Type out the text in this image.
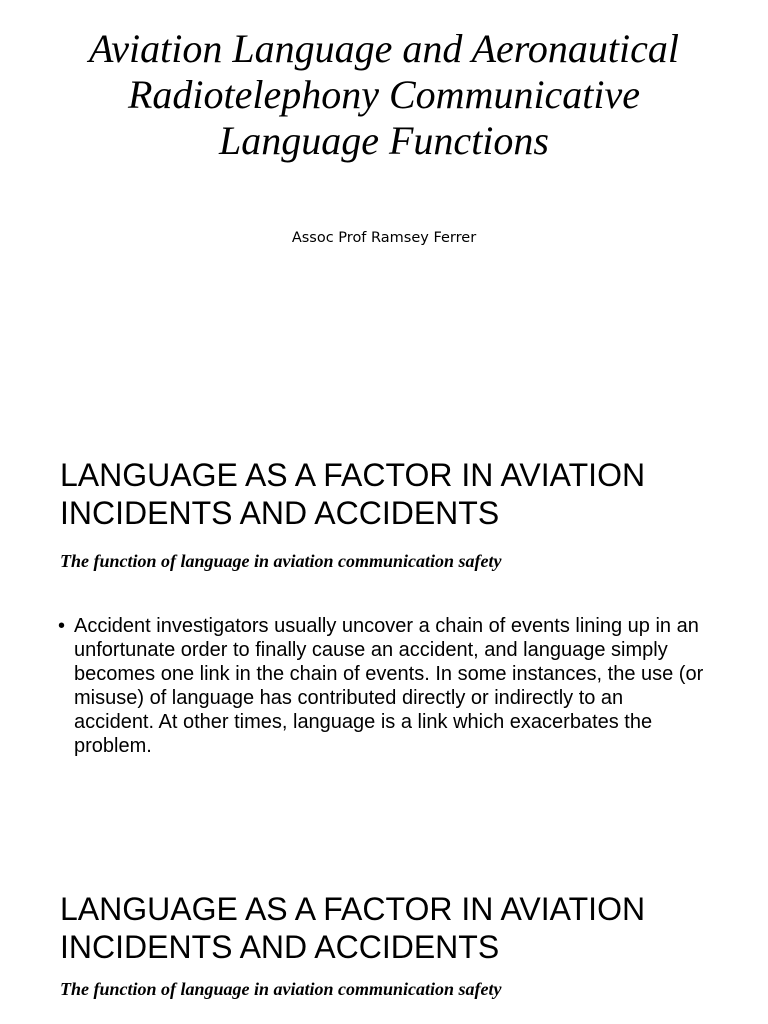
Aviation Language and Aeronautical Radiotelephony Communicative Language Functions
Assoc Prof Ramsey Ferrer
LANGUAGE AS A FACTOR IN AVIATION INCIDENTS AND ACCIDENTS
The function of language in aviation communication safety
• Accident investigators usually uncover a chain of events lining up in an unfortunate order to finally cause an accident, and language simply becomes one link in the chain of events. In some instances, the use (or misuse) of language has contributed directly or indirectly to an accident. At other times, language is a link which exacerbates the problem.
LANGUAGE AS A FACTOR IN AVIATION INCIDENTS AND ACCIDENTS
The function of language in aviation communication safety
